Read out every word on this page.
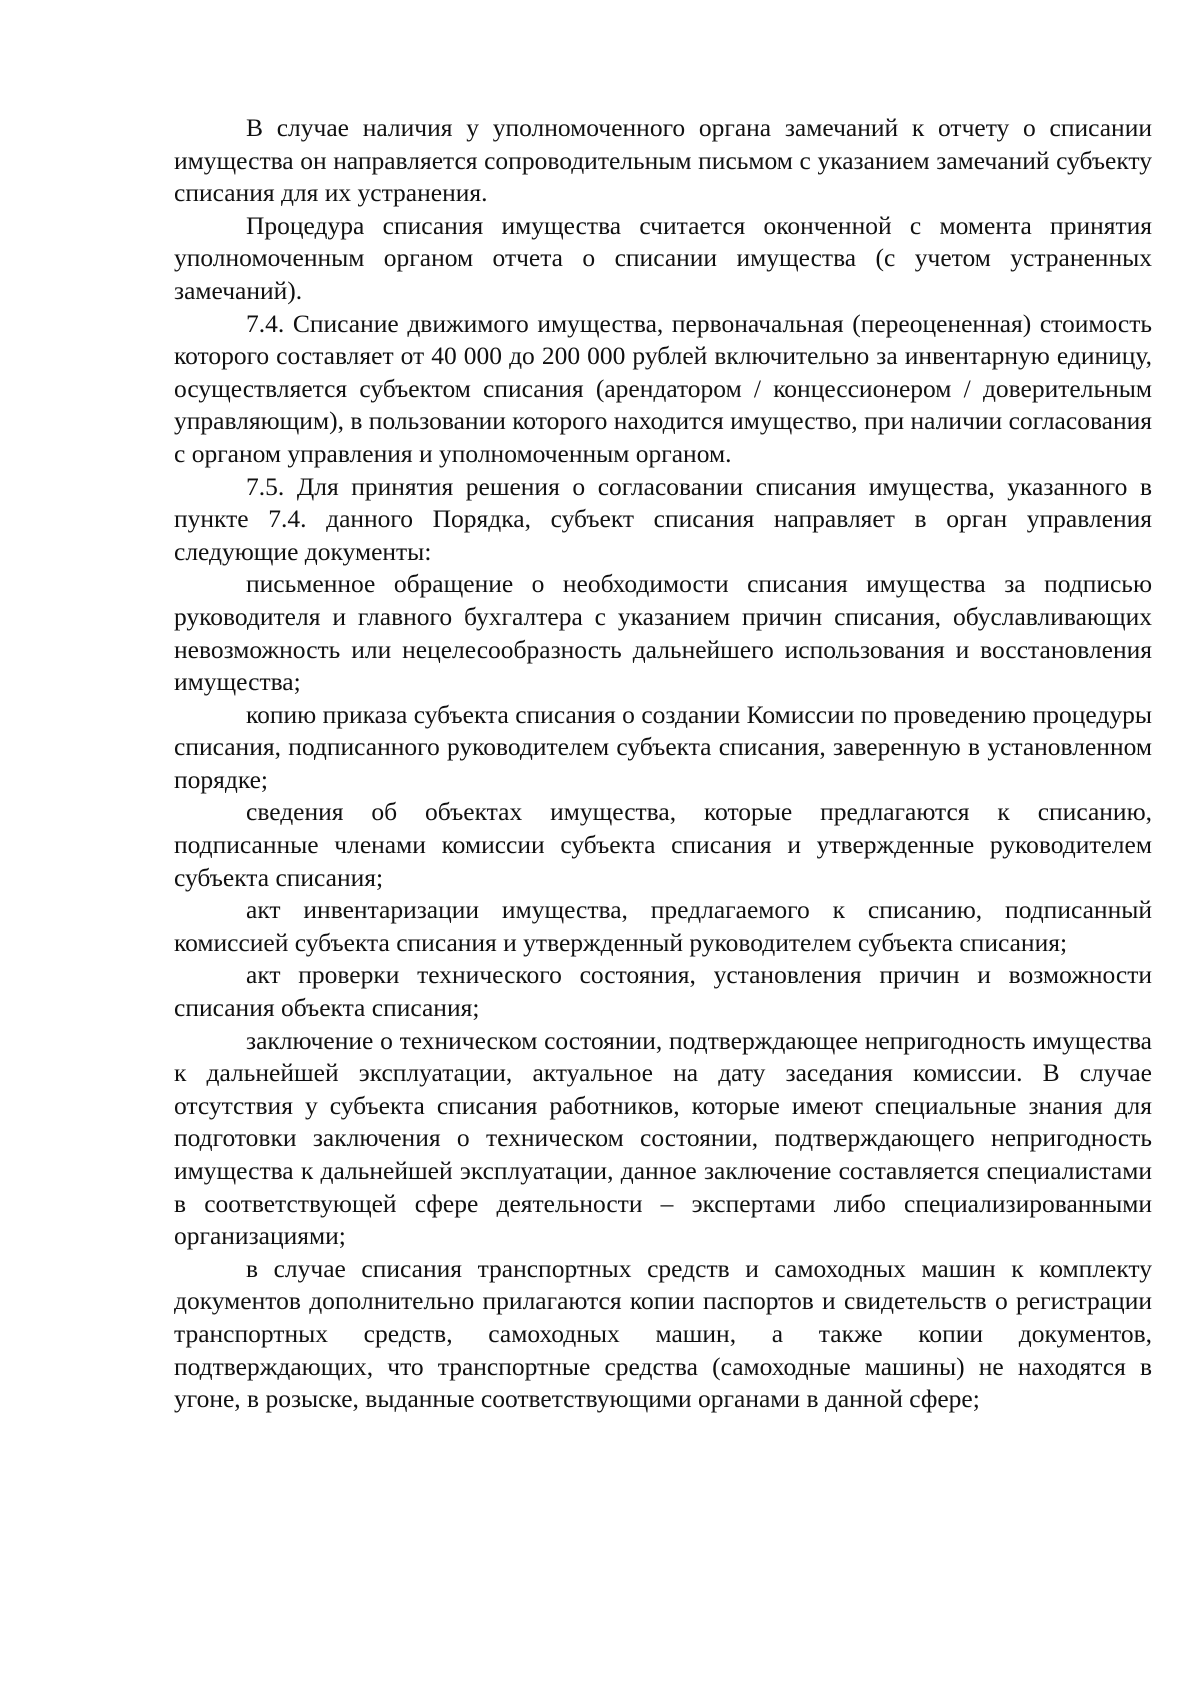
В случае наличия у уполномоченного органа замечаний к отчету о списании имущества он направляется сопроводительным письмом с указанием замечаний субъекту списания для их устранения.

Процедура списания имущества считается оконченной с момента принятия уполномоченным органом отчета о списании имущества (с учетом устраненных замечаний).

7.4. Списание движимого имущества, первоначальная (переоцененная) стоимость которого составляет от 40 000 до 200 000 рублей включительно за инвентарную единицу, осуществляется субъектом списания (арендатором / концессионером / доверительным управляющим), в пользовании которого находится имущество, при наличии согласования с органом управления и уполномоченным органом.

7.5. Для принятия решения о согласовании списания имущества, указанного в пункте 7.4. данного Порядка, субъект списания направляет в орган управления следующие документы:

письменное обращение о необходимости списания имущества за подписью руководителя и главного бухгалтера с указанием причин списания, обуславливающих невозможность или нецелесообразность дальнейшего использования и восстановления имущества;

копию приказа субъекта списания о создании Комиссии по проведению процедуры списания, подписанного руководителем субъекта списания, заверенную в установленном порядке;

сведения об объектах имущества, которые предлагаются к списанию, подписанные членами комиссии субъекта списания и утвержденные руководителем субъекта списания;

акт инвентаризации имущества, предлагаемого к списанию, подписанный комиссией субъекта списания и утвержденный руководителем субъекта списания;

акт проверки технического состояния, установления причин и возможности списания объекта списания;

заключение о техническом состоянии, подтверждающее непригодность имущества к дальнейшей эксплуатации, актуальное на дату заседания комиссии. В случае отсутствия у субъекта списания работников, которые имеют специальные знания для подготовки заключения о техническом состоянии, подтверждающего непригодность имущества к дальнейшей эксплуатации, данное заключение составляется специалистами в соответствующей сфере деятельности – экспертами либо специализированными организациями;

в случае списания транспортных средств и самоходных машин к комплекту документов дополнительно прилагаются копии паспортов и свидетельств о регистрации транспортных средств, самоходных машин, а также копии документов, подтверждающих, что транспортные средства (самоходные машины) не находятся в угоне, в розыске, выданные соответствующими органами в данной сфере;
